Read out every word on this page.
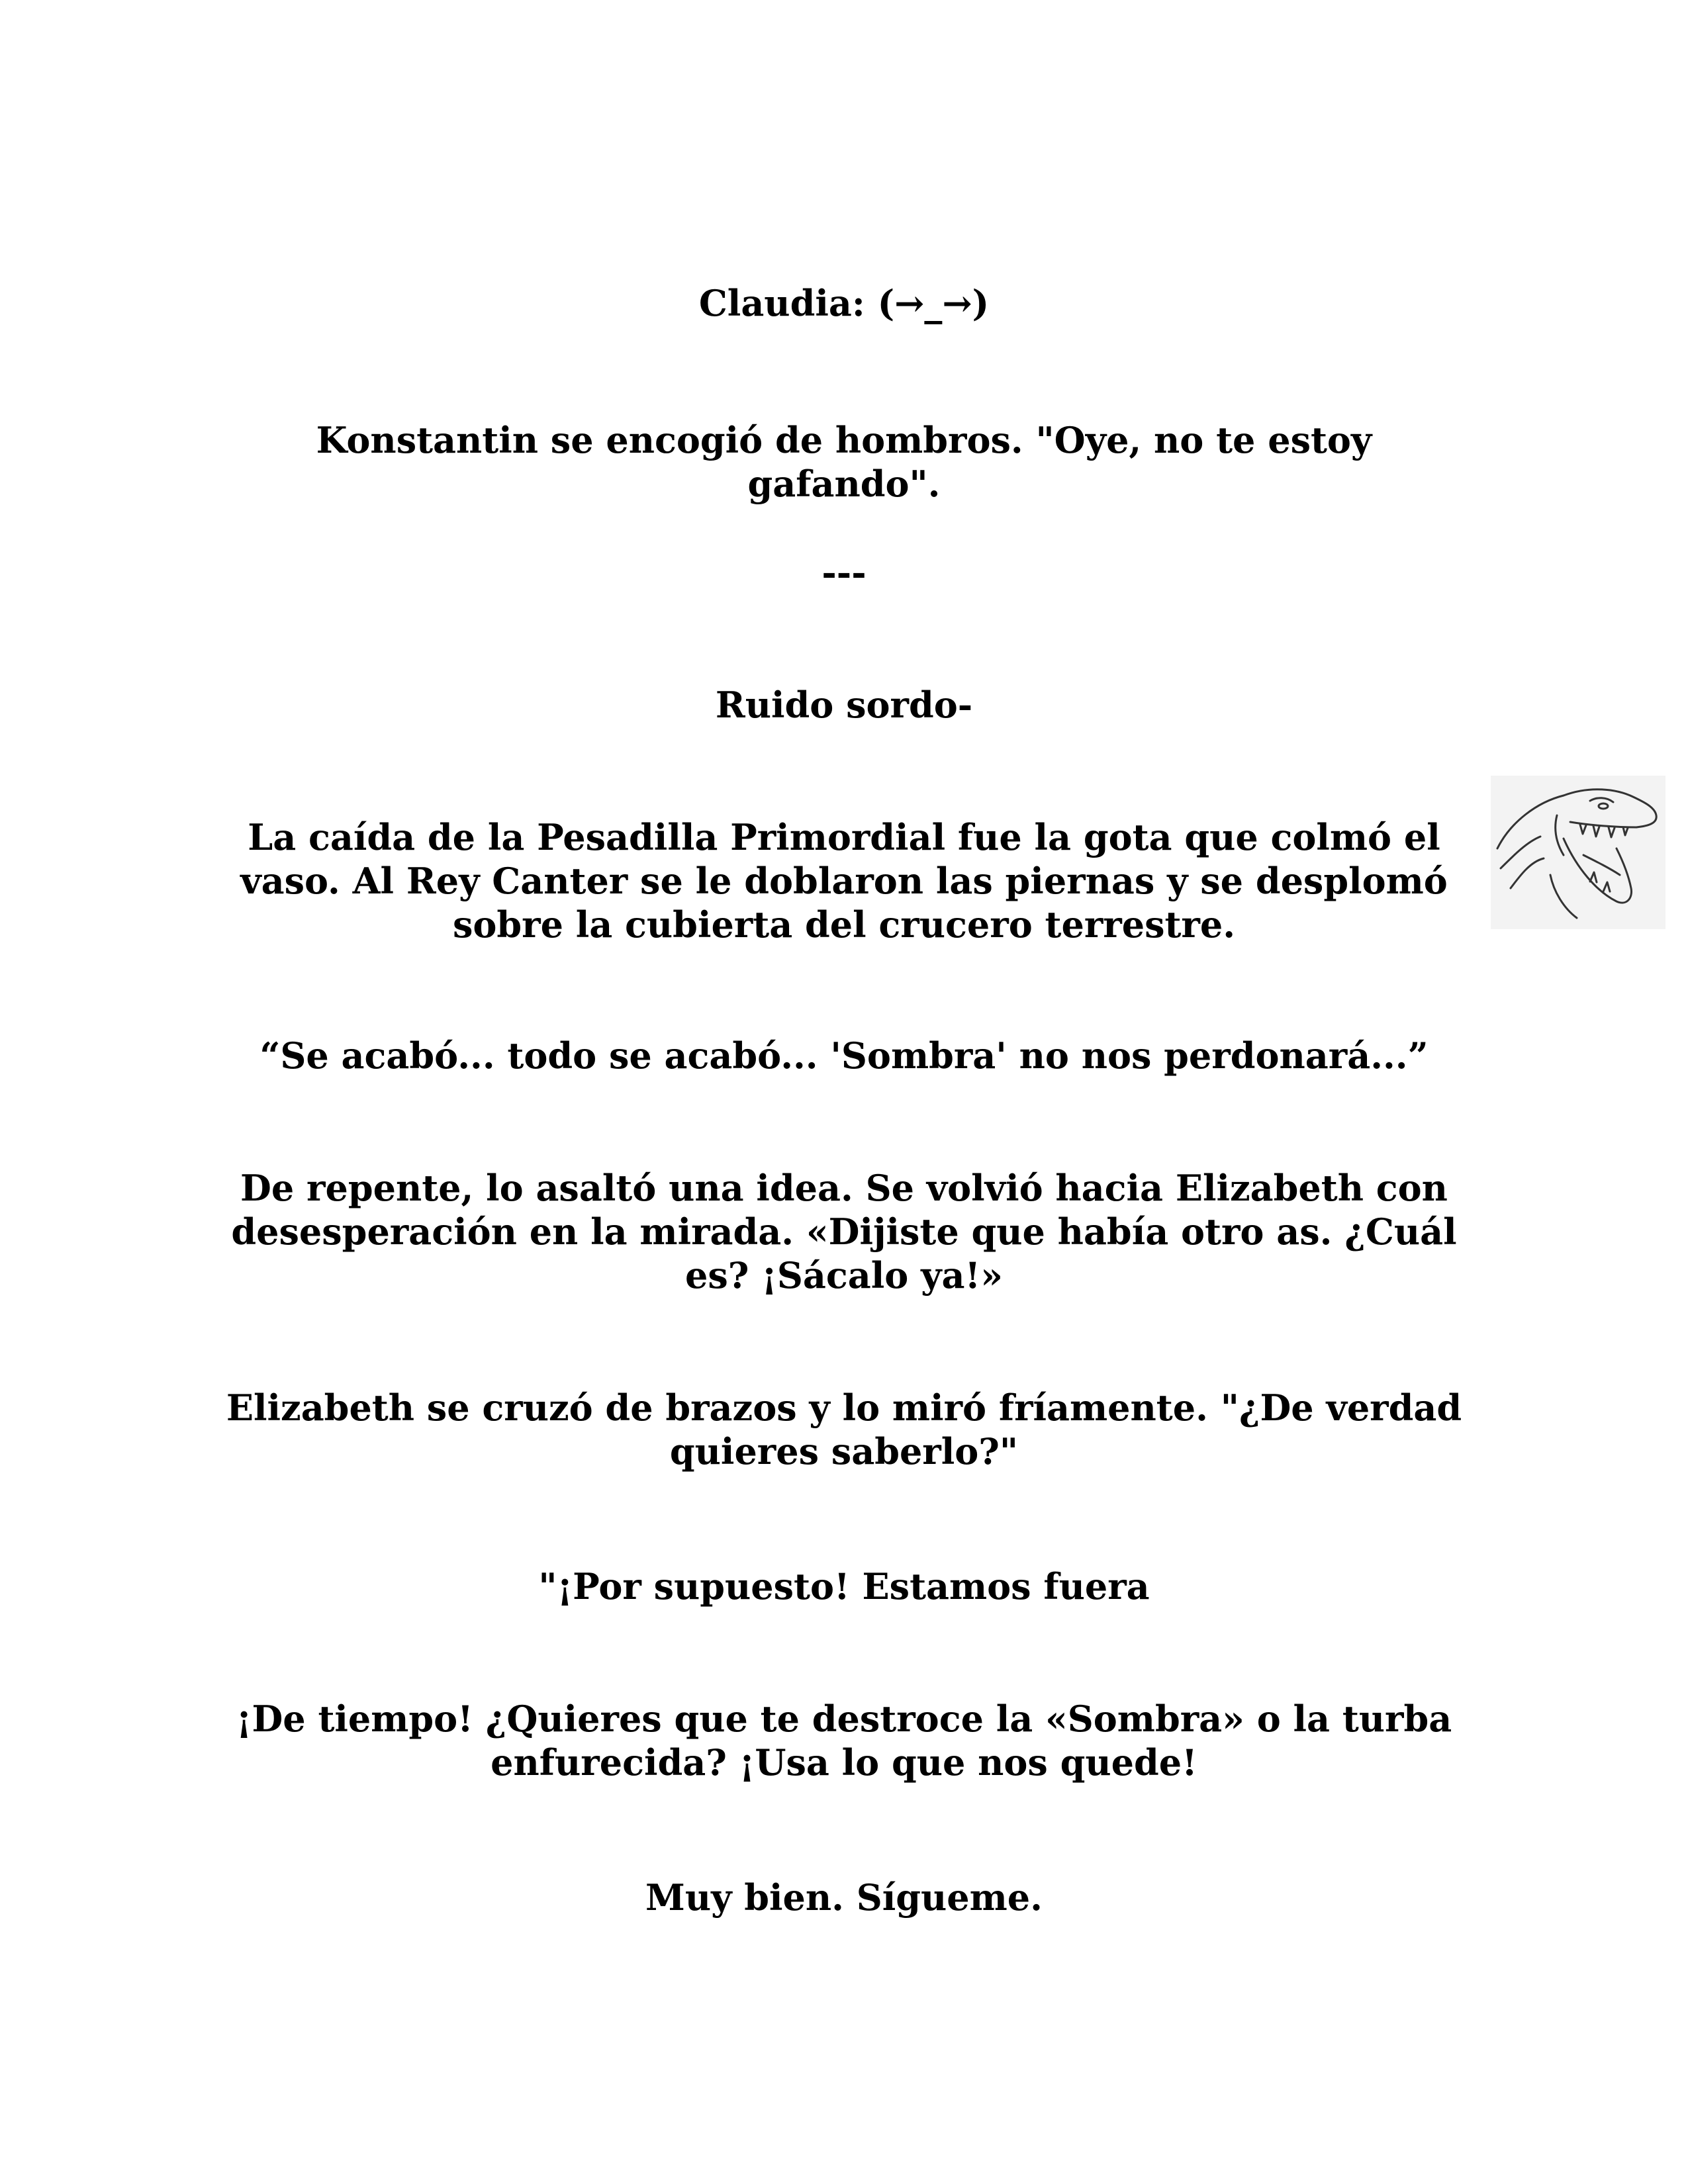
Claudia: (→_→)

Konstantin se encogió de hombros. "Oye, no te estoy gafando".

---

Ruido sordo-

La caída de la Pesadilla Primordial fue la gota que colmó el vaso. Al Rey Canter se le doblaron las piernas y se desplomó sobre la cubierta del crucero terrestre.

“Se acabó... todo se acabó... 'Sombra' no nos perdonará...”

De repente, lo asaltó una idea. Se volvió hacia Elizabeth con desesperación en la mirada. «Dijiste que había otro as. ¿Cuál es? ¡Sácalo ya!»

Elizabeth se cruzó de brazos y lo miró fríamente. "¿De verdad quieres saberlo?"

"¡Por supuesto! Estamos fuera

¡De tiempo! ¿Quieres que te destroce la «Sombra» o la turba enfurecida? ¡Usa lo que nos quede!

Muy bien. Sígueme.
